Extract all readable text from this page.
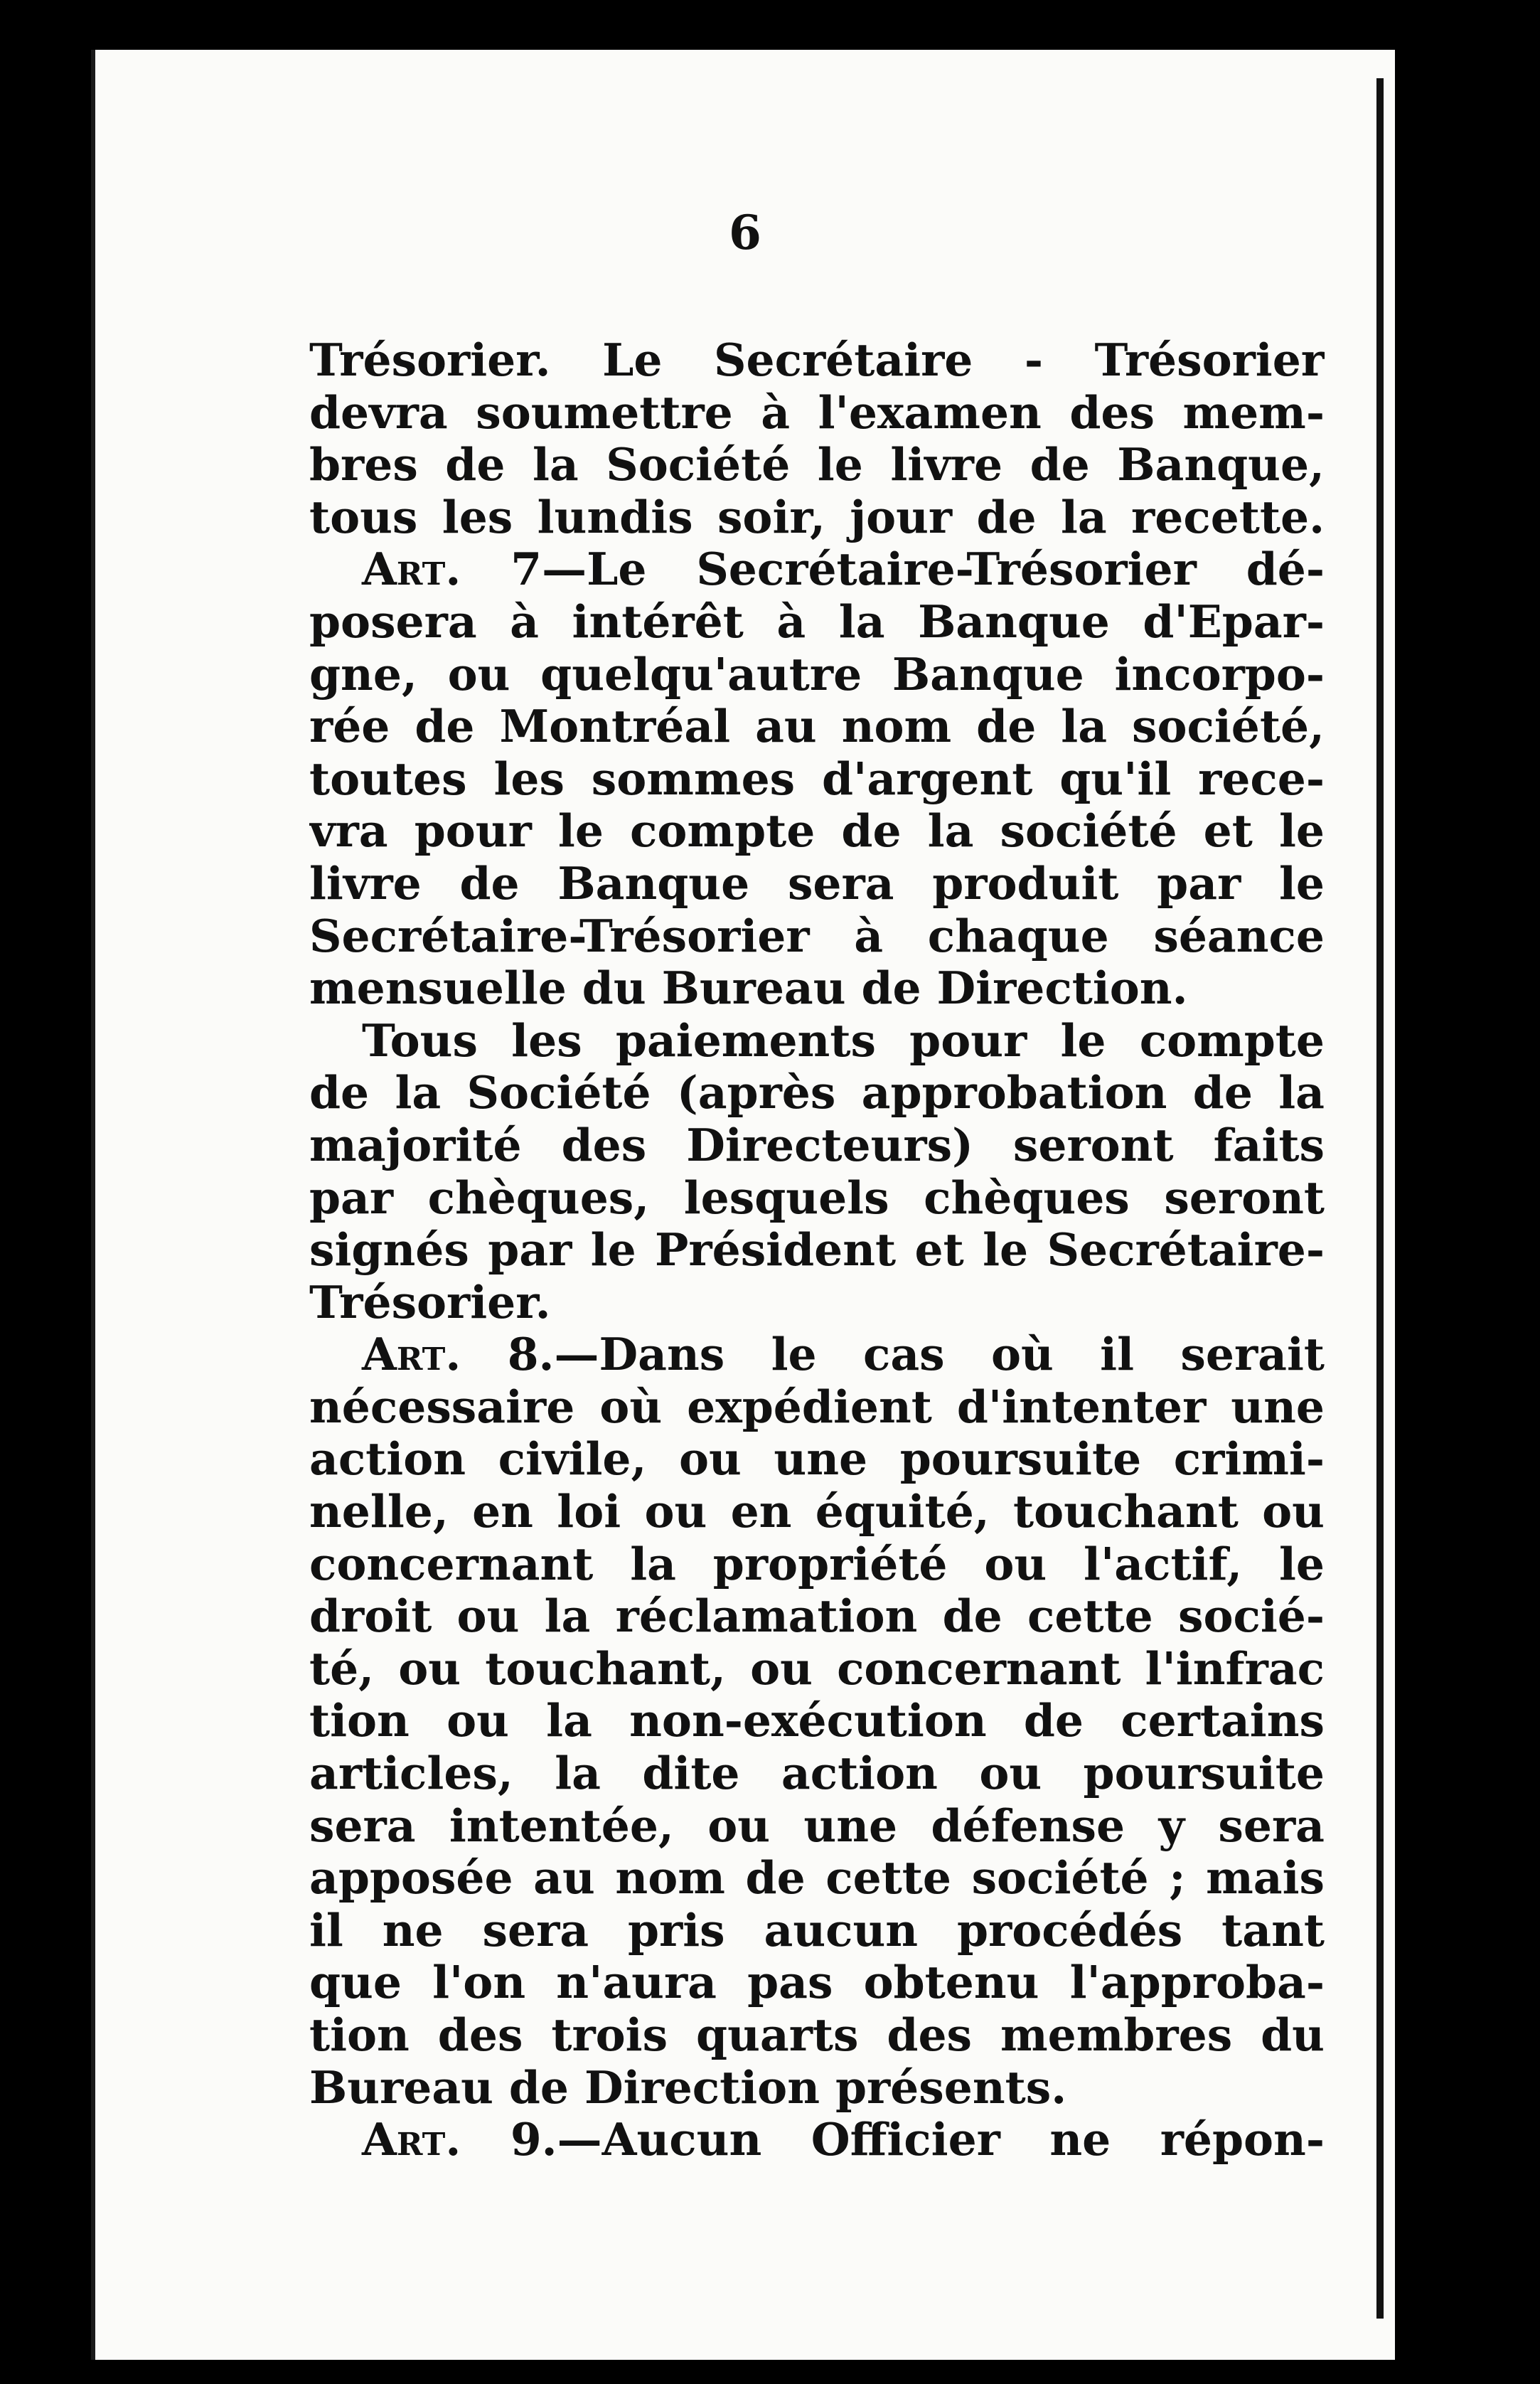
6
Trésorier. Le Secrétaire - Trésorier
devra soumettre à l'examen des mem-
bres de la Société le livre de Banque,
tous les lundis soir, jour de la recette.
Art. 7—Le Secrétaire-Trésorier dé-
posera à intérêt à la Banque d'Epar-
gne, ou quelqu'autre Banque incorpo-
rée de Montréal au nom de la société,
toutes les sommes d'argent qu'il rece-
vra pour le compte de la société et le
livre de Banque sera produit par le
Secrétaire-Trésorier à chaque séance
mensuelle du Bureau de Direction.
Tous les paiements pour le compte
de la Société (après approbation de la
majorité des Directeurs) seront faits
par chèques, lesquels chèques seront
signés par le Président et le Secrétaire-
Trésorier.
Art. 8.—Dans le cas où il serait
nécessaire où expédient d'intenter une
action civile, ou une poursuite crimi-
nelle, en loi ou en équité, touchant ou
concernant la propriété ou l'actif, le
droit ou la réclamation de cette socié-
té, ou touchant, ou concernant l'infrac
tion ou la non-exécution de certains
articles, la dite action ou poursuite
sera intentée, ou une défense y sera
apposée au nom de cette société ; mais
il ne sera pris aucun procédés tant
que l'on n'aura pas obtenu l'approba-
tion des trois quarts des membres du
Bureau de Direction présents.
Art. 9.—Aucun Officier ne répon-
